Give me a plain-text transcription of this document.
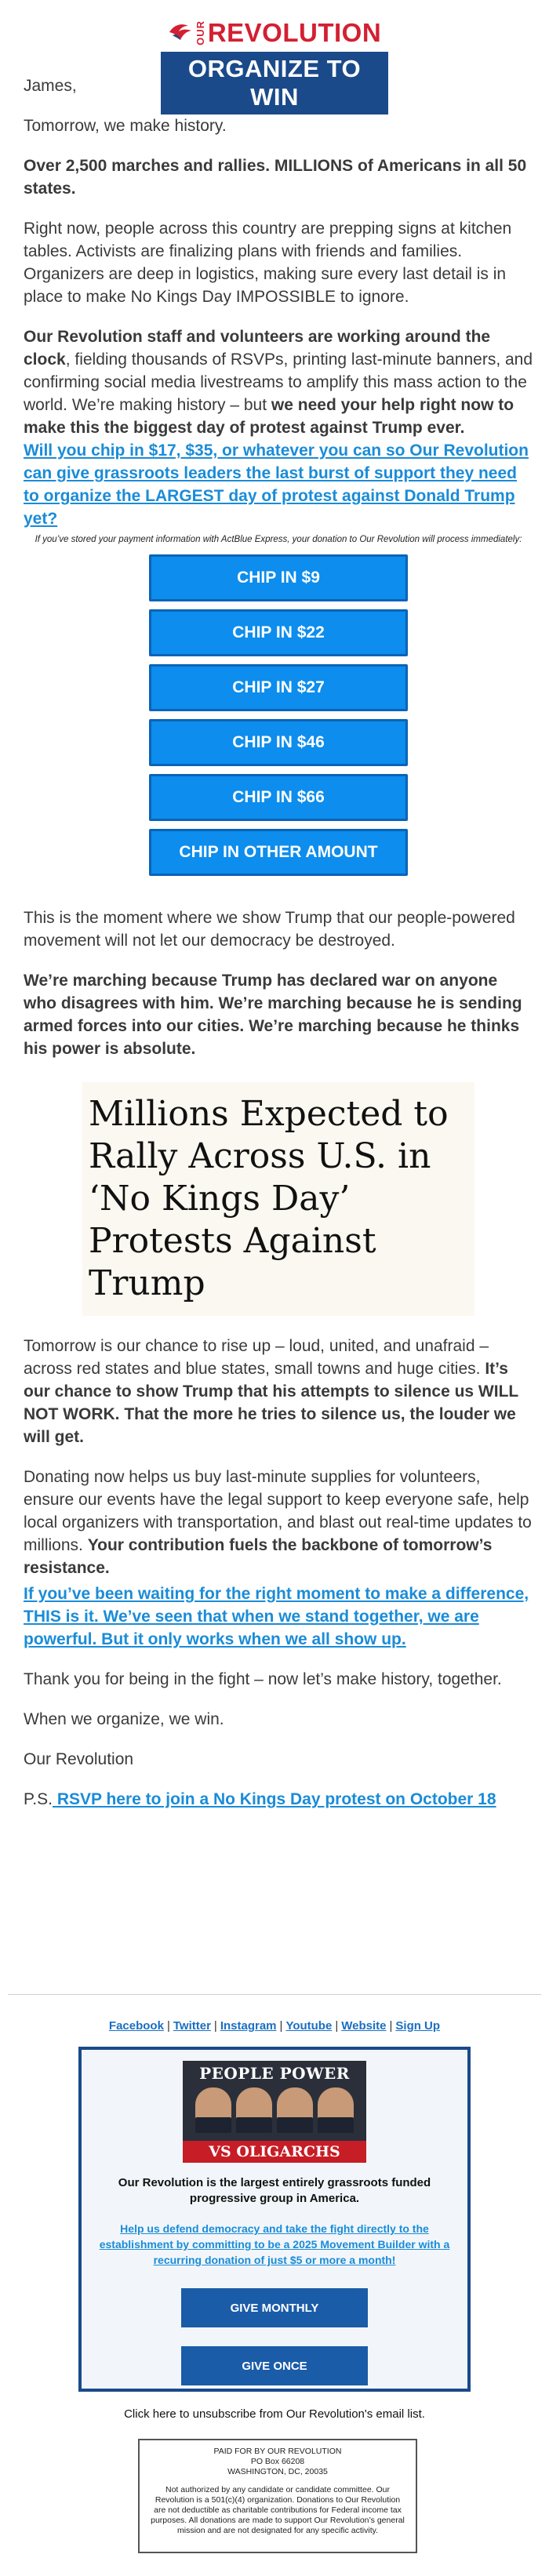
OUR REVOLUTION
ORGANIZE TO WIN

James,

Tomorrow, we make history.

Over 2,500 marches and rallies. MILLIONS of Americans in all 50 states.

Right now, people across this country are prepping signs at kitchen tables. Activists are finalizing plans with friends and families. Organizers are deep in logistics, making sure every last detail is in place to make No Kings Day IMPOSSIBLE to ignore.

Our Revolution staff and volunteers are working around the clock, fielding thousands of RSVPs, printing last-minute banners, and confirming social media livestreams to amplify this mass action to the world. We’re making history – but we need your help right now to make this the biggest day of protest against Trump ever.

Will you chip in $17, $35, or whatever you can so Our Revolution can give grassroots leaders the last burst of support they need to organize the LARGEST day of protest against Donald Trump yet?

If you’ve stored your payment information with ActBlue Express, your donation to Our Revolution will process immediately:
CHIP IN $9
CHIP IN $22
CHIP IN $27
CHIP IN $46
CHIP IN $66
CHIP IN OTHER AMOUNT

This is the moment where we show Trump that our people-powered movement will not let our democracy be destroyed.

We’re marching because Trump has declared war on anyone who disagrees with him. We’re marching because he is sending armed forces into our cities. We’re marching because he thinks his power is absolute.

Millions Expected to Rally Across U.S. in ‘No Kings Day’ Protests Against Trump

Tomorrow is our chance to rise up – loud, united, and unafraid – across red states and blue states, small towns and huge cities. It’s our chance to show Trump that his attempts to silence us WILL NOT WORK. That the more he tries to silence us, the louder we will get.

Donating now helps us buy last-minute supplies for volunteers, ensure our events have the legal support to keep everyone safe, help local organizers with transportation, and blast out real-time updates to millions. Your contribution fuels the backbone of tomorrow’s resistance.

If you’ve been waiting for the right moment to make a difference, THIS is it. We’ve seen that when we stand together, we are powerful. But it only works when we all show up.

Thank you for being in the fight – now let’s make history, together.

When we organize, we win.

Our Revolution

P.S. RSVP here to join a No Kings Day protest on October 18

Facebook | Twitter | Instagram | Youtube | Website | Sign Up
PEOPLE POWER
VS OLIGARCHS
Our Revolution is the largest entirely grassroots funded progressive group in America.
Help us defend democracy and take the fight directly to the establishment by committing to be a 2025 Movement Builder with a recurring donation of just $5 or more a month!
GIVE MONTHLY
GIVE ONCE
Click here to unsubscribe from Our Revolution's email list.
PAID FOR BY OUR REVOLUTION
PO Box 66208
WASHINGTON, DC, 20035
Not authorized by any candidate or candidate committee. Our Revolution is a 501(c)(4) organization. Donations to Our Revolution are not deductible as charitable contributions for Federal income tax purposes. All donations are made to support Our Revolution’s general mission and are not designated for any specific activity.
